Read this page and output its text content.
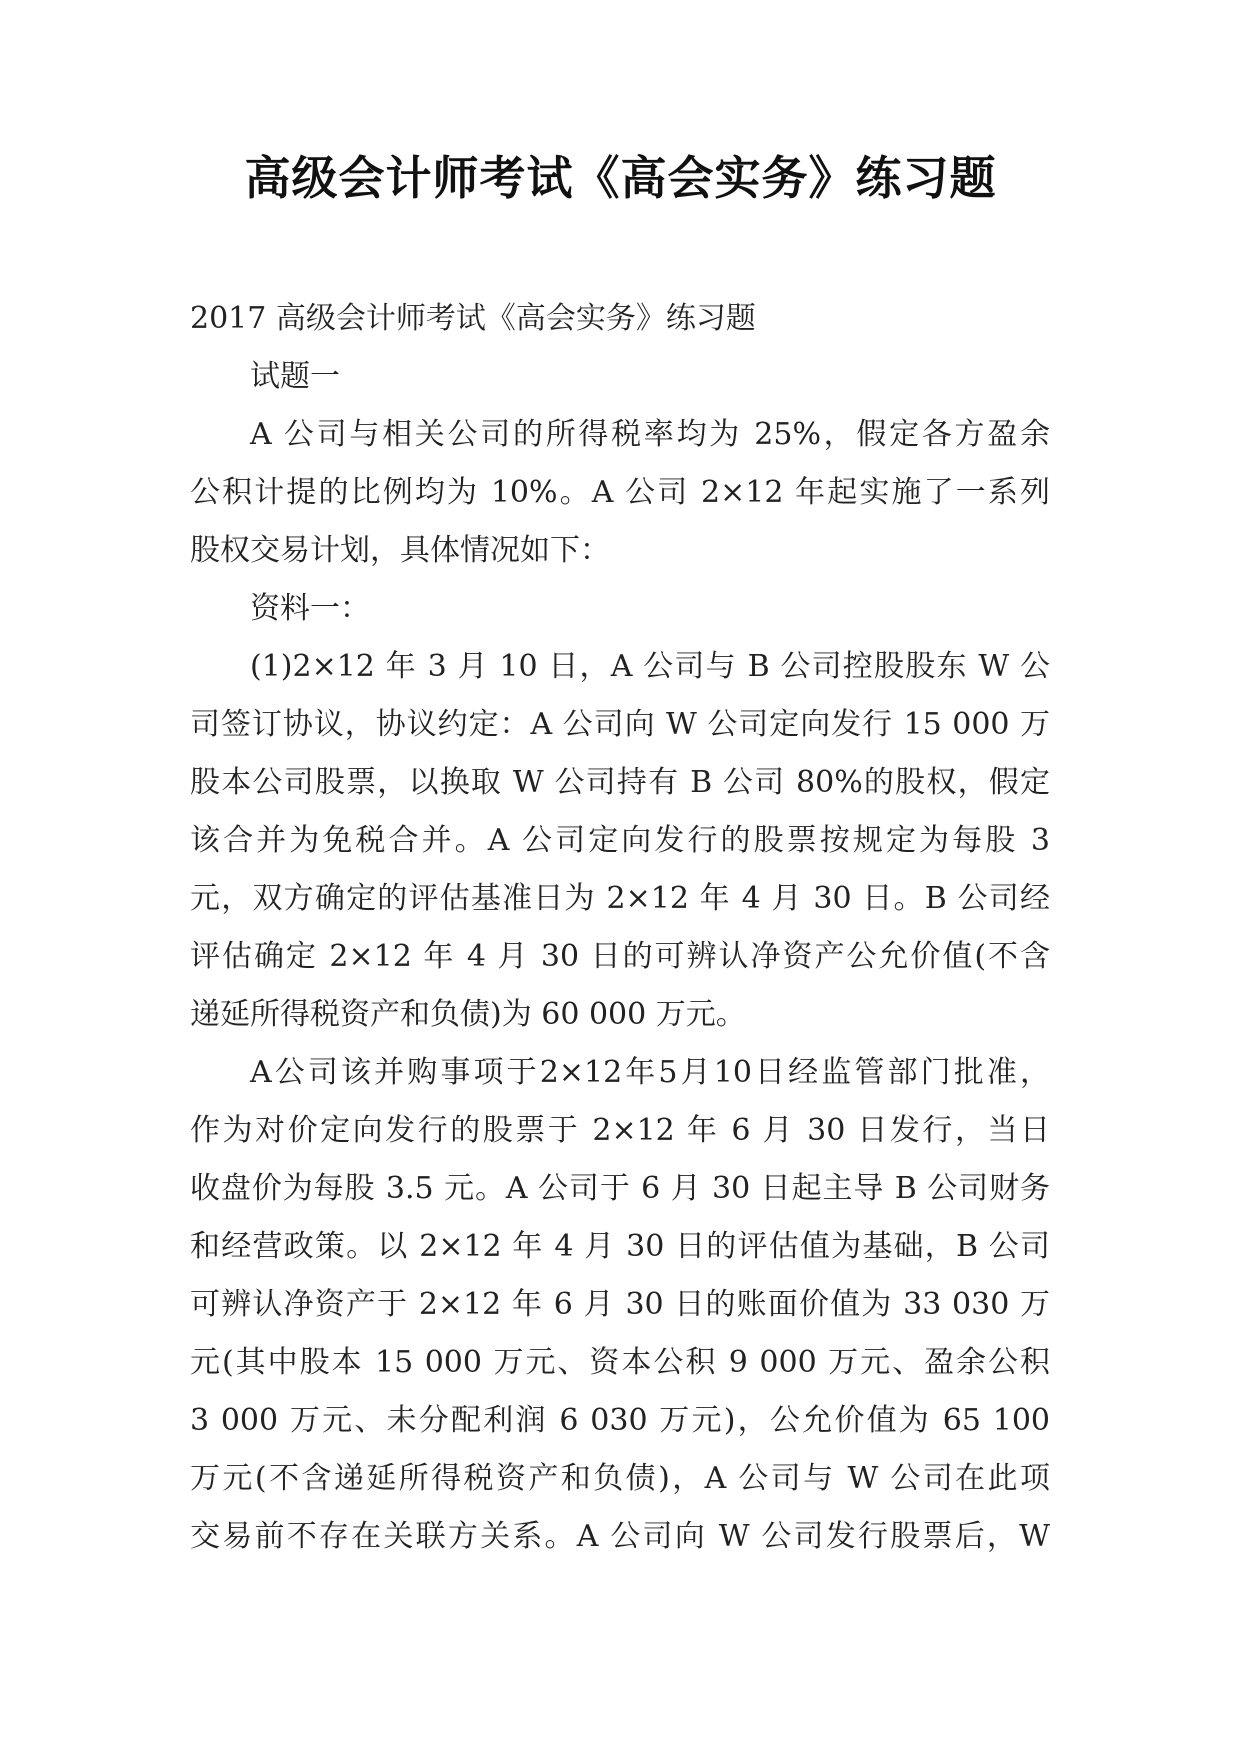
高级会计师考试《高会实务》练习题
2017 高级会计师考试《高会实务》练习题
试题一
A 公司与相关公司的所得税率均为 25%，假定各方盈余
公积计提的比例均为 10%。A 公司 2×12 年起实施了一系列
股权交易计划，具体情况如下：
资料一：
(1)2×12 年 3 月 10 日，A 公司与 B 公司控股股东 W 公
司签订协议，协议约定：A 公司向 W 公司定向发行 15 000 万
股本公司股票，以换取 W 公司持有 B 公司 80%的股权，假定
该合并为免税合并。A 公司定向发行的股票按规定为每股 3
元，双方确定的评估基准日为 2×12 年 4 月 30 日。B 公司经
评估确定 2×12 年 4 月 30 日的可辨认净资产公允价值(不含
递延所得税资产和负债)为 60 000 万元。
A公司该并购事项于2×12年5月10日经监管部门批准，
作为对价定向发行的股票于 2×12 年 6 月 30 日发行，当日
收盘价为每股 3.5 元。A 公司于 6 月 30 日起主导 B 公司财务
和经营政策。以 2×12 年 4 月 30 日的评估值为基础，B 公司
可辨认净资产于 2×12 年 6 月 30 日的账面价值为 33 030 万
元(其中股本 15 000 万元、资本公积 9 000 万元、盈余公积
3 000 万元、未分配利润 6 030 万元)，公允价值为 65 100
万元(不含递延所得税资产和负债)，A 公司与 W 公司在此项
交易前不存在关联方关系。A 公司向 W 公司发行股票后，W
